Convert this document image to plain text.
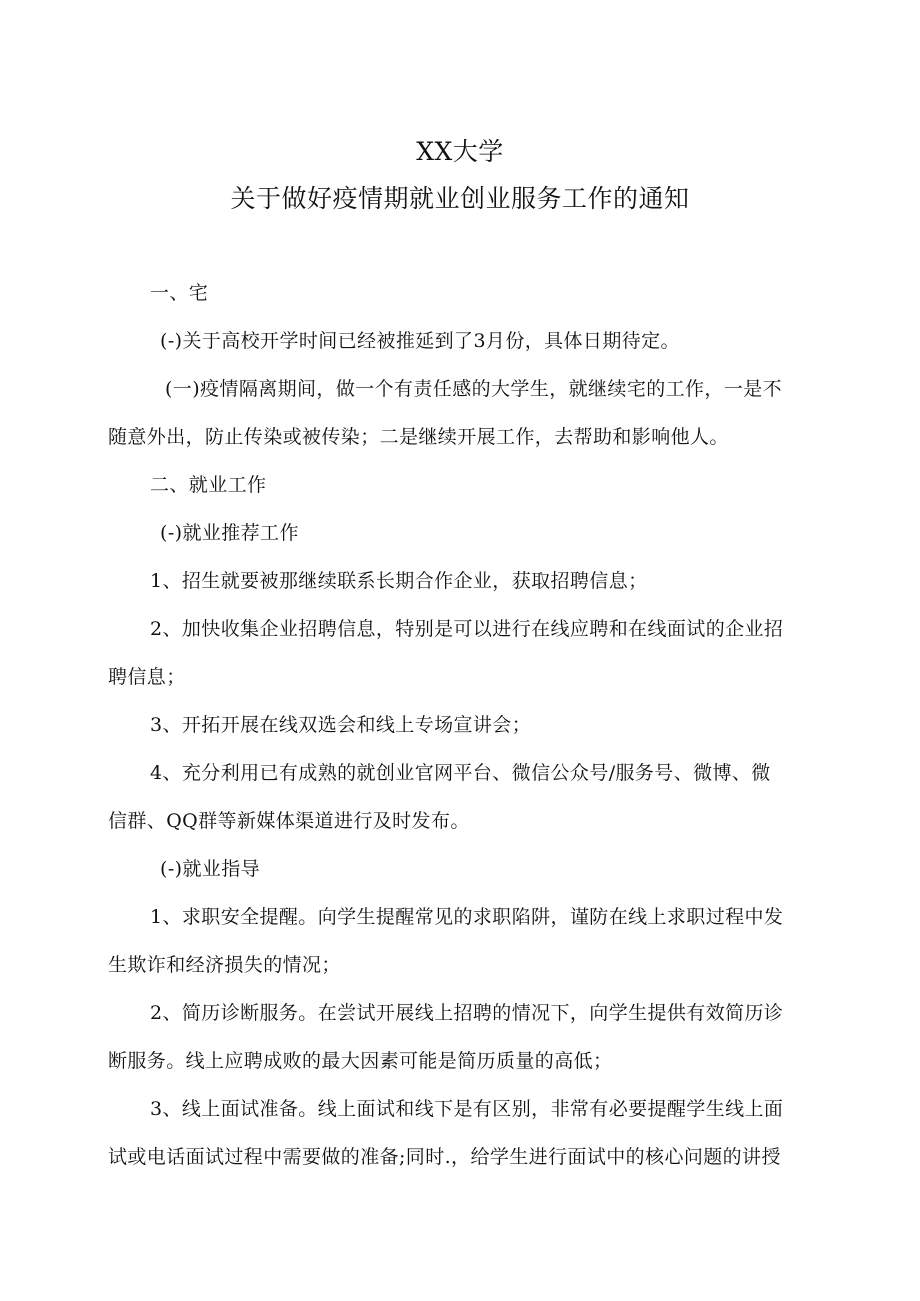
XX大学
关于做好疫情期就业创业服务工作的通知
一、宅
(-)关于高校开学时间已经被推延到了3月份，具体日期待定。
(一)疫情隔离期间，做一个有责任感的大学生，就继续宅的工作，一是不
随意外出，防止传染或被传染；二是继续开展工作，去帮助和影响他人。
二、就业工作
(-)就业推荐工作
1、招生就要被那继续联系长期合作企业，获取招聘信息；
2、加快收集企业招聘信息，特别是可以进行在线应聘和在线面试的企业招
聘信息；
3、开拓开展在线双选会和线上专场宣讲会；
4、充分利用已有成熟的就创业官网平台、微信公众号/服务号、微博、微
信群、QQ群等新媒体渠道进行及时发布。
(-)就业指导
1、求职安全提醒。向学生提醒常见的求职陷阱，谨防在线上求职过程中发
生欺诈和经济损失的情况；
2、简历诊断服务。在尝试开展线上招聘的情况下，向学生提供有效简历诊
断服务。线上应聘成败的最大因素可能是简历质量的高低；
3、线上面试准备。线上面试和线下是有区别，非常有必要提醒学生线上面
试或电话面试过程中需要做的准备;同时.，给学生进行面试中的核心问题的讲授
